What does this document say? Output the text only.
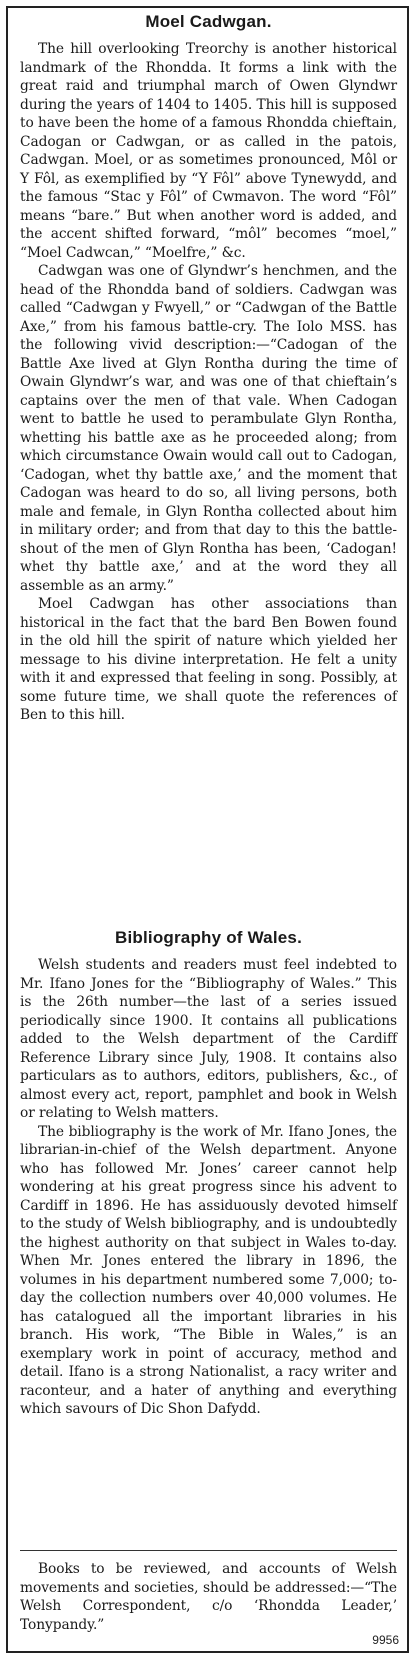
Moel Cadwgan.

The hill overlooking Treorchy is another historical landmark of the Rhondda. It forms a link with the great raid and triumphal march of Owen Glyndwr during the years of 1404 to 1405. This hill is supposed to have been the home of a famous Rhondda chieftain, Cadogan or Cadwgan, or as called in the patois, Cadwgan. Moel, or as sometimes pronounced, Môl or Y Fôl, as exemplified by “Y Fôl” above Tynewydd, and the famous “Stac y Fôl” of Cwmavon. The word “Fôl” means “bare.” But when another word is added, and the accent shifted forward, “môl” becomes “moel,” “Moel Cadwcan,” “Moelfre,” &c.

Cadwgan was one of Glyndwr’s henchmen, and the head of the Rhondda band of soldiers. Cadwgan was called “Cadwgan y Fwyell,” or “Cadwgan of the Battle Axe,” from his famous battle-cry. The Iolo MSS. has the following vivid description:—“Cadogan of the Battle Axe lived at Glyn Rontha during the time of Owain Glyndwr’s war, and was one of that chieftain’s captains over the men of that vale. When Cadogan went to battle he used to perambulate Glyn Rontha, whetting his battle axe as he proceeded along; from which circumstance Owain would call out to Cadogan, ‘Cadogan, whet thy battle axe,’ and the moment that Cadogan was heard to do so, all living persons, both male and female, in Glyn Rontha collected about him in military order; and from that day to this the battle-shout of the men of Glyn Rontha has been, ‘Cadogan! whet thy battle axe,’ and at the word they all assemble as an army.”

Moel Cadwgan has other associations than historical in the fact that the bard Ben Bowen found in the old hill the spirit of nature which yielded her message to his divine interpretation. He felt a unity with it and expressed that feeling in song. Possibly, at some future time, we shall quote the references of Ben to this hill.

Bibliography of Wales.

Welsh students and readers must feel indebted to Mr. Ifano Jones for the “Bibliography of Wales.” This is the 26th number—the last of a series issued periodically since 1900. It contains all publications added to the Welsh department of the Cardiff Reference Library since July, 1908. It contains also particulars as to authors, editors, publishers, &c., of almost every act, report, pamphlet and book in Welsh or relating to Welsh matters.

The bibliography is the work of Mr. Ifano Jones, the librarian-in-chief of the Welsh department. Anyone who has followed Mr. Jones’ career cannot help wondering at his great progress since his advent to Cardiff in 1896. He has assiduously devoted himself to the study of Welsh bibliography, and is undoubtedly the highest authority on that subject in Wales to-day. When Mr. Jones entered the library in 1896, the volumes in his department numbered some 7,000; to-day the collection numbers over 40,000 volumes. He has catalogued all the important libraries in his branch. His work, “The Bible in Wales,” is an exemplary work in point of accuracy, method and detail. Ifano is a strong Nationalist, a racy writer and raconteur, and a hater of anything and everything which savours of Dic Shon Dafydd.

Books to be reviewed, and accounts of Welsh movements and societies, should be addressed:—“The Welsh Correspondent, c/o ‘Rhondda Leader,’ Tonypandy.”

9956
